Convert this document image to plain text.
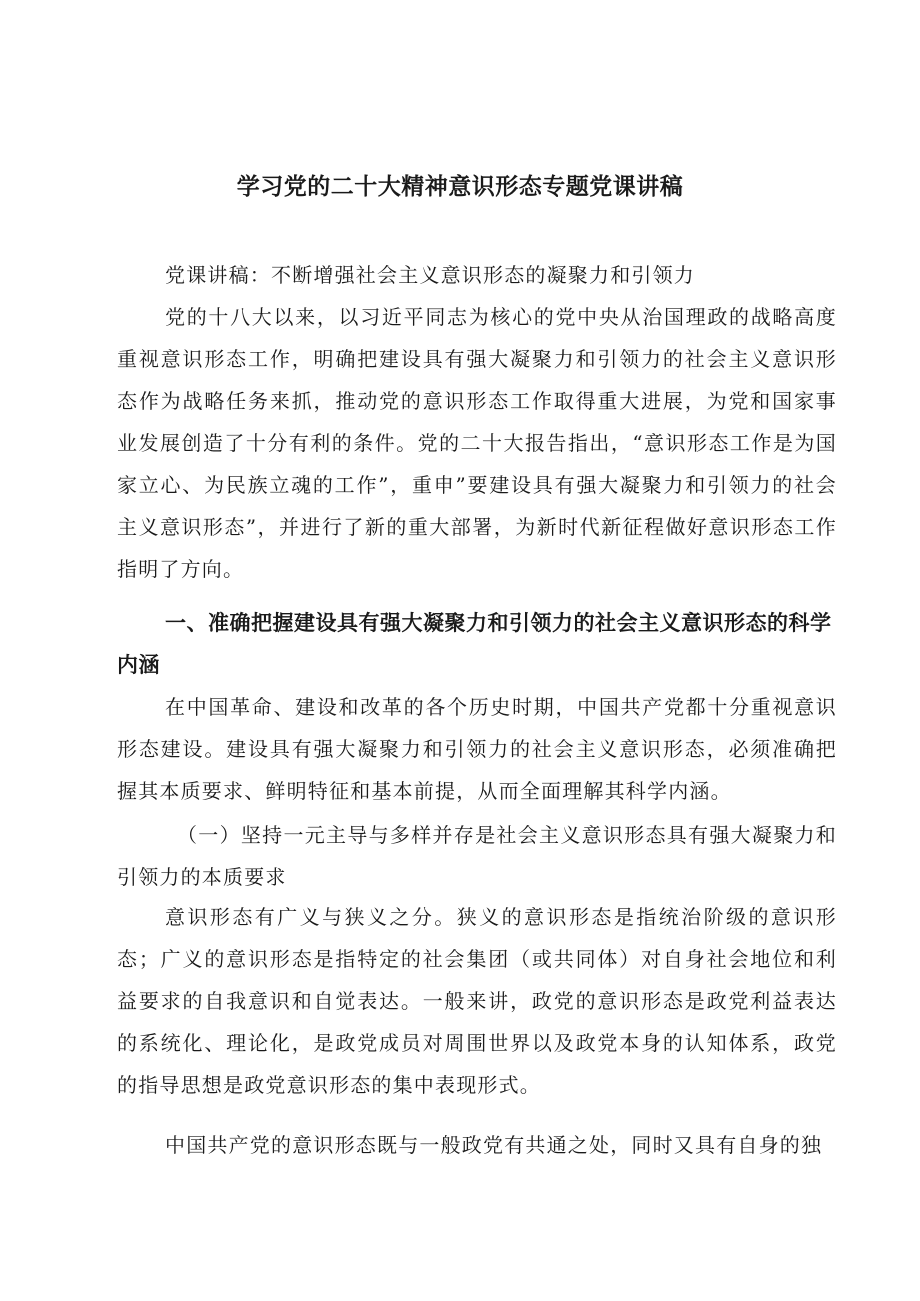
学习党的二十大精神意识形态专题党课讲稿

党课讲稿：不断增强社会主义意识形态的凝聚力和引领力

党的十八大以来，以习近平同志为核心的党中央从治国理政的战略高度重视意识形态工作，明确把建设具有强大凝聚力和引领力的社会主义意识形态作为战略任务来抓，推动党的意识形态工作取得重大进展，为党和国家事业发展创造了十分有利的条件。党的二十大报告指出，“意识形态工作是为国家立心、为民族立魂的工作”，重申”要建设具有强大凝聚力和引领力的社会主义意识形态”，并进行了新的重大部署，为新时代新征程做好意识形态工作指明了方向。

一、准确把握建设具有强大凝聚力和引领力的社会主义意识形态的科学内涵

在中国革命、建设和改革的各个历史时期，中国共产党都十分重视意识形态建设。建设具有强大凝聚力和引领力的社会主义意识形态，必须准确把握其本质要求、鲜明特征和基本前提，从而全面理解其科学内涵。

（一）坚持一元主导与多样并存是社会主义意识形态具有强大凝聚力和引领力的本质要求

意识形态有广义与狭义之分。狭义的意识形态是指统治阶级的意识形态；广义的意识形态是指特定的社会集团（或共同体）对自身社会地位和利益要求的自我意识和自觉表达。一般来讲，政党的意识形态是政党利益表达的系统化、理论化，是政党成员对周围世界以及政党本身的认知体系，政党的指导思想是政党意识形态的集中表现形式。

中国共产党的意识形态既与一般政党有共通之处，同时又具有自身的独
